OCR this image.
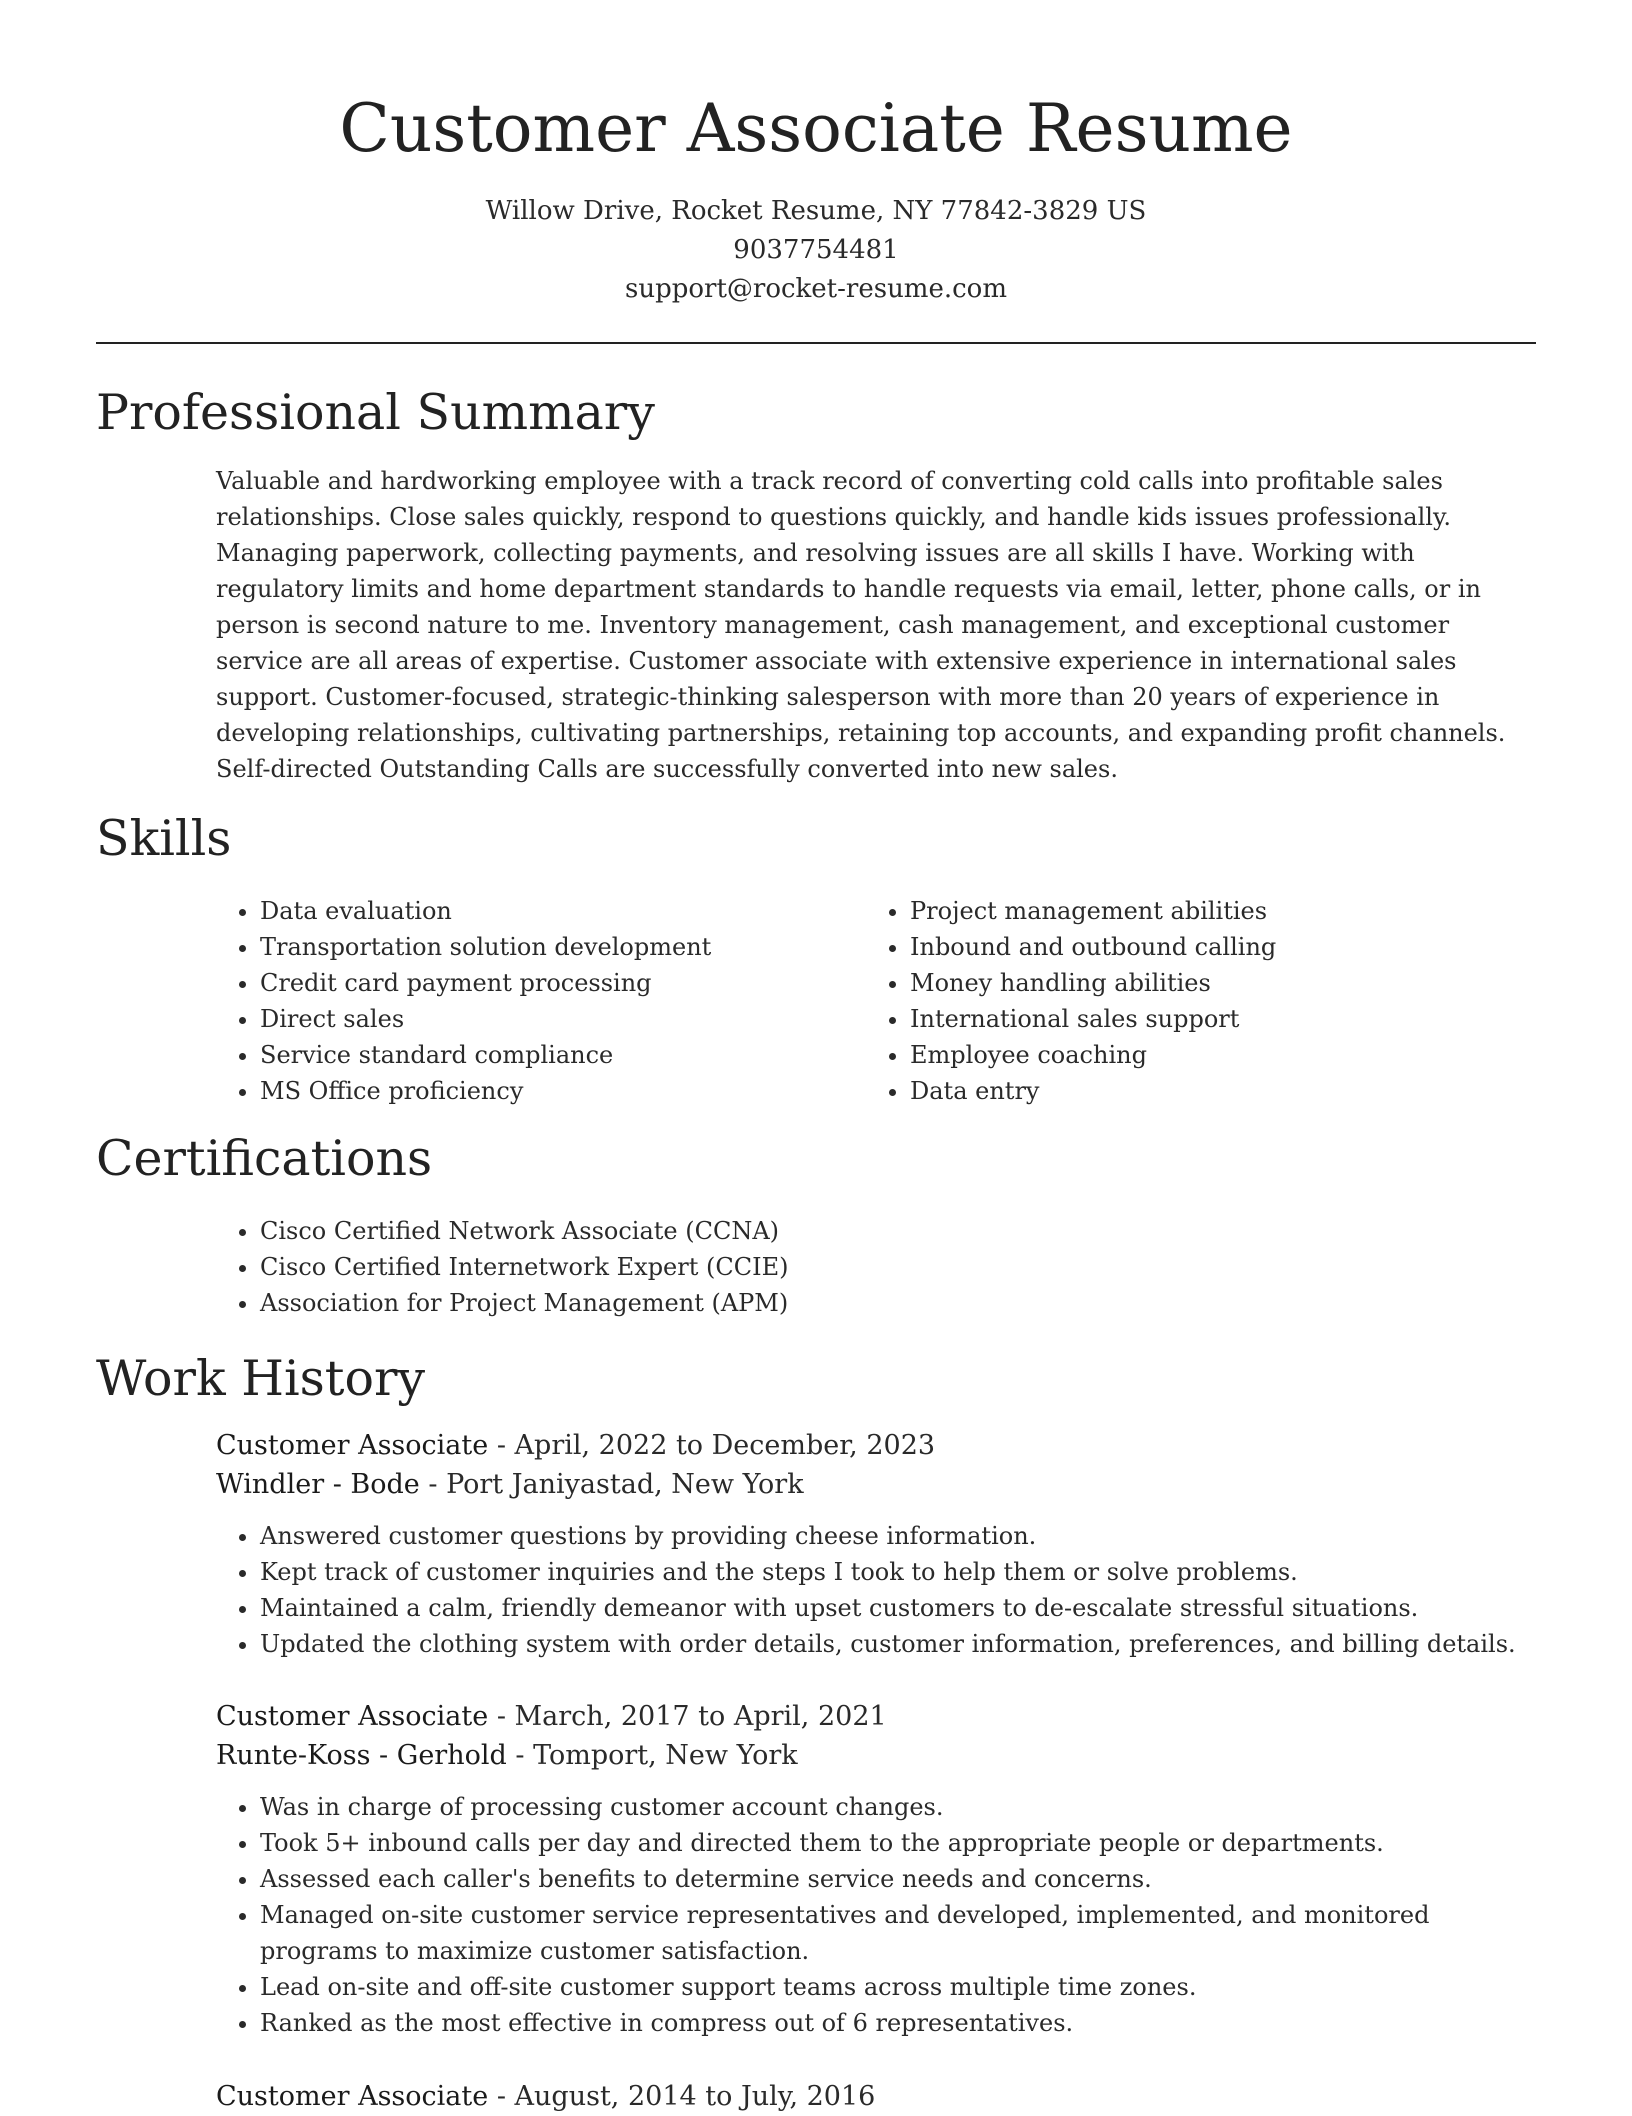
Customer Associate Resume
Willow Drive, Rocket Resume, NY 77842-3829 US
9037754481
support@rocket-resume.com
Professional Summary

Valuable and hardworking employee with a track record of converting cold calls into profitable sales relationships. Close sales quickly, respond to questions quickly, and handle kids issues professionally. Managing paperwork, collecting payments, and resolving issues are all skills I have. Working with regulatory limits and home department standards to handle requests via email, letter, phone calls, or in person is second nature to me. Inventory management, cash management, and exceptional customer service are all areas of expertise. Customer associate with extensive experience in international sales support. Customer-focused, strategic-thinking salesperson with more than 20 years of experience in developing relationships, cultivating partnerships, retaining top accounts, and expanding profit channels. Self-directed Outstanding Calls are successfully converted into new sales.

Skills
• Data evaluation
• Transportation solution development
• Credit card payment processing
• Direct sales
• Service standard compliance
• MS Office proficiency
• Project management abilities
• Inbound and outbound calling
• Money handling abilities
• International sales support
• Employee coaching
• Data entry
Certifications
• Cisco Certified Network Associate (CCNA)
• Cisco Certified Internetwork Expert (CCIE)
• Association for Project Management (APM)
Work History
Customer Associate - April, 2022 to December, 2023
Windler - Bode - Port Janiyastad, New York
• Answered customer questions by providing cheese information.
• Kept track of customer inquiries and the steps I took to help them or solve problems.
• Maintained a calm, friendly demeanor with upset customers to de-escalate stressful situations.
• Updated the clothing system with order details, customer information, preferences, and billing details.
Customer Associate - March, 2017 to April, 2021
Runte-Koss - Gerhold - Tomport, New York
• Was in charge of processing customer account changes.
• Took 5+ inbound calls per day and directed them to the appropriate people or departments.
• Assessed each caller's benefits to determine service needs and concerns.
• Managed on-site customer service representatives and developed, implemented, and monitored programs to maximize customer satisfaction.
• Lead on-site and off-site customer support teams across multiple time zones.
• Ranked as the most effective in compress out of 6 representatives.
Customer Associate - August, 2014 to July, 2016
